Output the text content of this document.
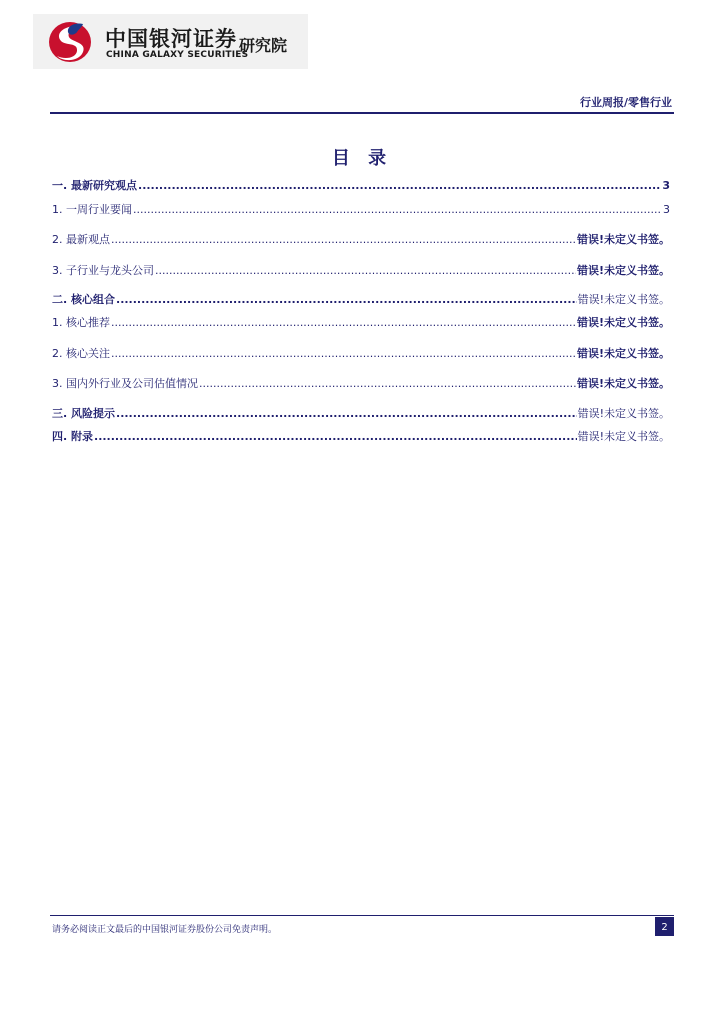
中国银河证券
CHINA GALAXY SECURITIES
研究院
行业周报/零售行业
目 录
一. 最新研究观点 .....	3
1. 一周行业要闻 .....	3
2. 最新观点 .....	错误!未定义书签。
3. 子行业与龙头公司 .....	错误!未定义书签。
二. 核心组合 .....	错误!未定义书签。
1. 核心推荐 .....	错误!未定义书签。
2. 核心关注 .....	错误!未定义书签。
3. 国内外行业及公司估值情况 .....	错误!未定义书签。
三. 风险提示 .....	错误!未定义书签。
四. 附录 .....	错误!未定义书签。
请务必阅读正文最后的中国银河证券股份公司免责声明。	2
